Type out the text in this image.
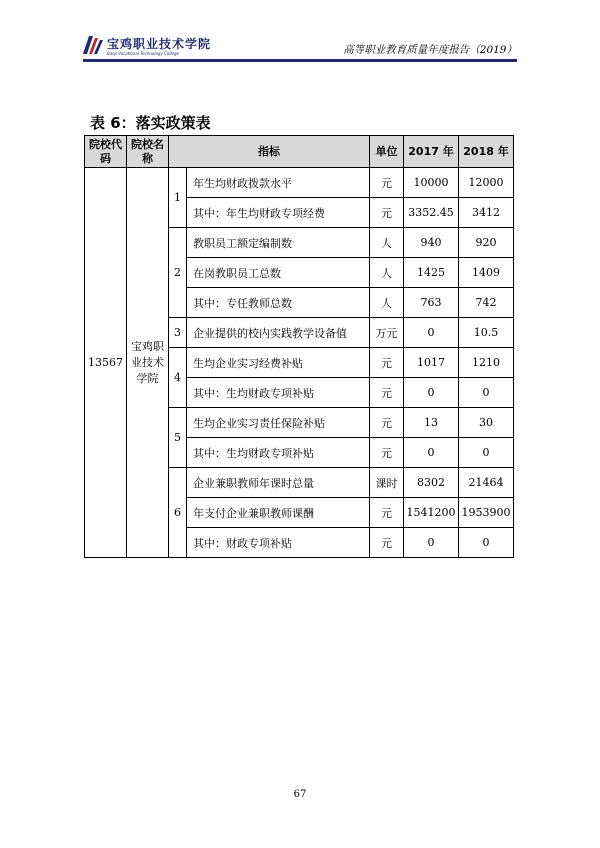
宝鸡职业技术学院
Baoji Vocational Technology College	高等职业教育质量年度报告（2019）
表 6：落实政策表
院校代码	院校名称	指标		单位	2017 年	2018 年
13567	宝鸡职业技术学院	1	年生均财政拨款水平	元	10000	12000
			其中：年生均财政专项经费	元	3352.45	3412
		2	教职员工额定编制数	人	940	920
			在岗教职员工总数	人	1425	1409
			其中：专任教师总数	人	763	742
		3	企业提供的校内实践教学设备值	万元	0	10.5
		4	生均企业实习经费补贴	元	1017	1210
			其中：生均财政专项补贴	元	0	0
		5	生均企业实习责任保险补贴	元	13	30
			其中：生均财政专项补贴	元	0	0
		6	企业兼职教师年课时总量	课时	8302	21464
			年支付企业兼职教师课酬	元	1541200	1953900
			其中：财政专项补贴	元	0	0
67
